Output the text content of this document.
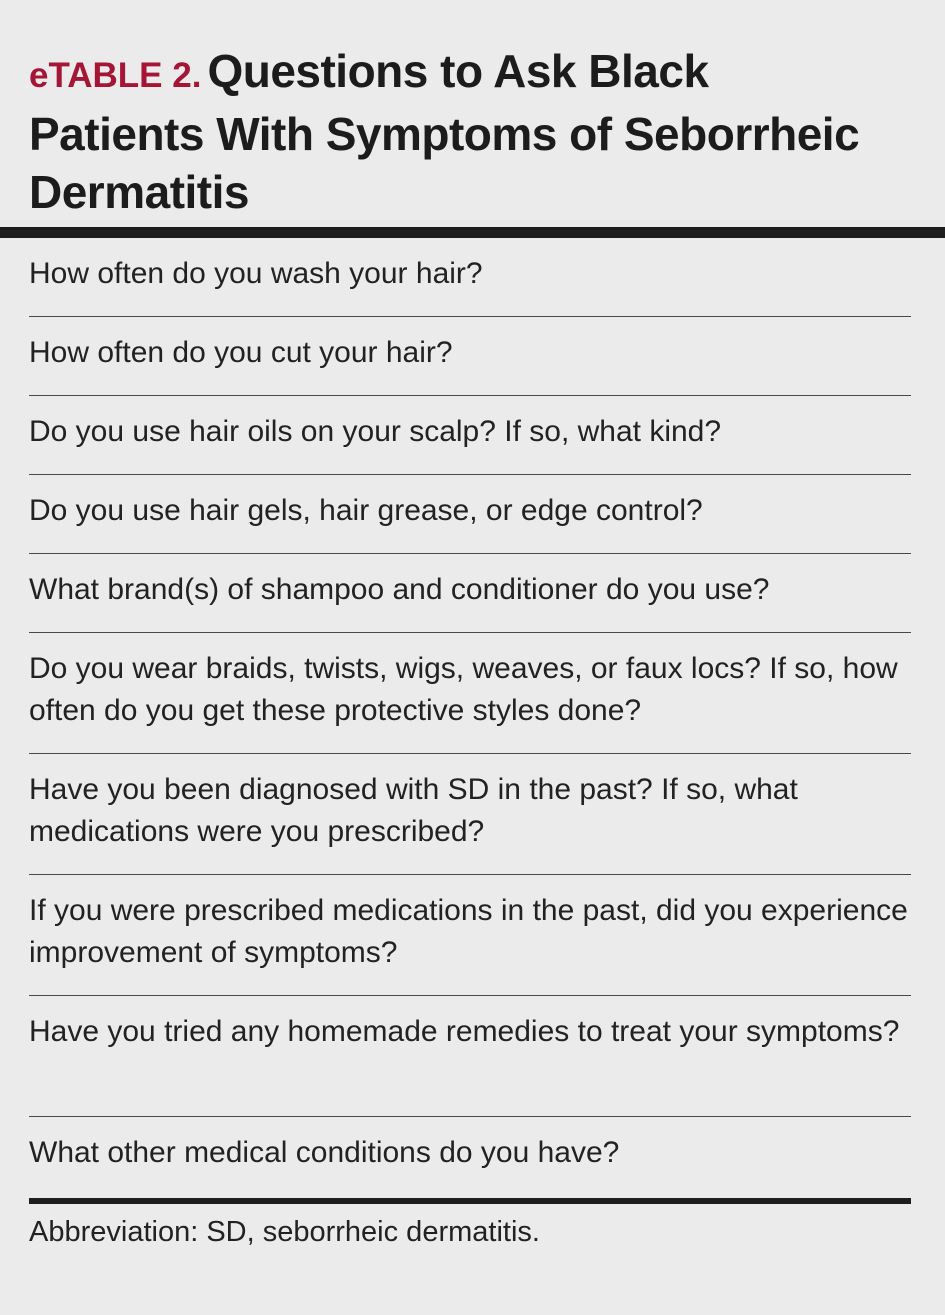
eTABLE 2. Questions to Ask Black Patients With Symptoms of Seborrheic Dermatitis
How often do you wash your hair?
How often do you cut your hair?
Do you use hair oils on your scalp? If so, what kind?
Do you use hair gels, hair grease, or edge control?
What brand(s) of shampoo and conditioner do you use?
Do you wear braids, twists, wigs, weaves, or faux locs? If so, how often do you get these protective styles done?
Have you been diagnosed with SD in the past? If so, what medications were you prescribed?
If you were prescribed medications in the past, did you experience improvement of symptoms?
Have you tried any homemade remedies to treat your symptoms?
What other medical conditions do you have?
Abbreviation: SD, seborrheic dermatitis.
